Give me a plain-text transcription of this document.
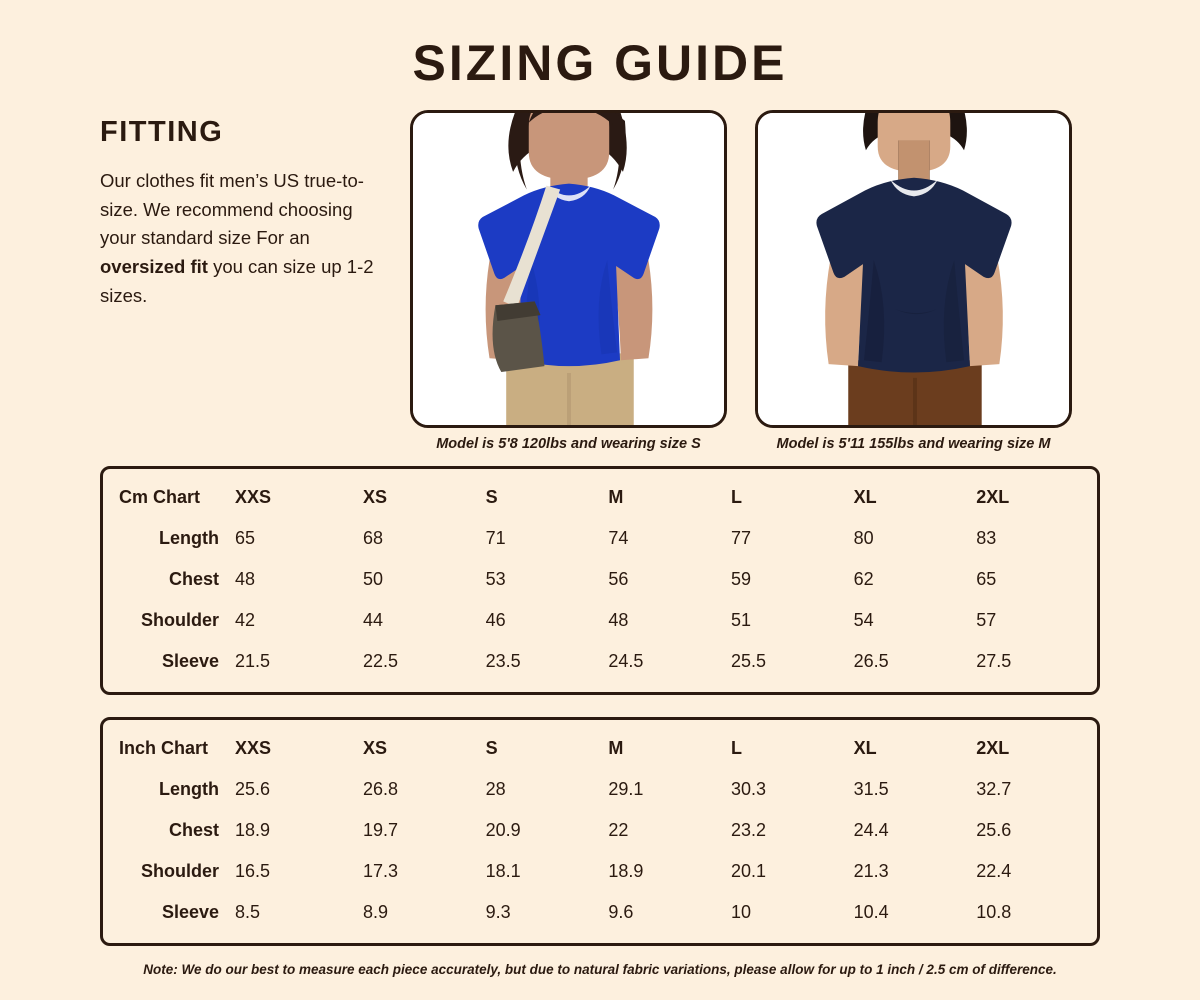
SIZING GUIDE
FITTING

Our clothes fit men’s US true-to-size. We recommend choosing your standard size For an oversized fit you can size up 1-2 sizes.

Model is 5'8 120lbs and wearing size S	Model is 5'11 155lbs and wearing size M
Cm Chart	XXS	XS	S	M	L	XL	2XL
Length	65	68	71	74	77	80	83
Chest	48	50	53	56	59	62	65
Shoulder	42	44	46	48	51	54	57
Sleeve	21.5	22.5	23.5	24.5	25.5	26.5	27.5
Inch Chart	XXS	XS	S	M	L	XL	2XL
Length	25.6	26.8	28	29.1	30.3	31.5	32.7
Chest	18.9	19.7	20.9	22	23.2	24.4	25.6
Shoulder	16.5	17.3	18.1	18.9	20.1	21.3	22.4
Sleeve	8.5	8.9	9.3	9.6	10	10.4	10.8
Note: We do our best to measure each piece accurately, but due to natural fabric variations, please allow for up to 1 inch / 2.5 cm of difference.
